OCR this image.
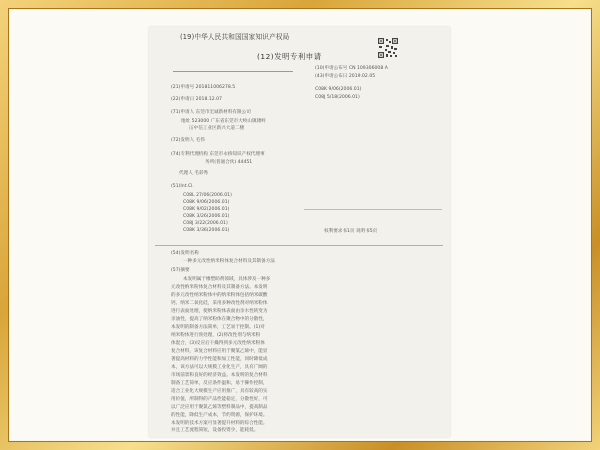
(19)中华人民共和国国家知识产权局
(12)发明专利申请
(10)申请公布号 CN 109306008 A
(43)申请公布日 2019.02.05
(21)申请号 201811006278.5
(22)申请日 2018.12.07
(71)申请人 东莞市宏诚新材料有限公司
地址 523000 广东省东莞市大岭山镇矮岭
冚中信工业区新兴大道二楼
(72)发明人 毛伟
(74)专利代理机构 东莞市永桥知识产权代理事
务所(普通合伙) 44451
代理人 毛彩秀
(51)Int.Cl.
C08L 27/06(2006.01)
C08K 9/06(2006.01)
C08K 9/02(2006.01)
C08K 3/26(2006.01)
C08J 3/22(2006.01)
C08K 3/36(2006.01)
C08K 9/06(2006.01)
C08J 5/18(2006.01)
权利要求书1页 说明书5页
(54)发明名称
一种多元改性纳米粉体复合材料及其制备方法
(57)摘要
本发明属于橡塑助剂领域，具体涉及一种多
元改性纳米粉体复合材料及其制备方法。本发明
的多元改性纳米粉体中的纳米粉体包括纳米碳酸
钙、纳米二氧化硅，采用多种改性剂对纳米粉体
进行表面处理，使纳米粉体表面由亲水性转变为
亲油性，提高了纳米粉体在聚合物中的分散性，
本发明的制备方法简单，工艺易于控制。(1)对
纳米粉体进行预处理，(2)将改性剂与纳米粉
体混合，(3)反应后干燥得到多元改性纳米粉体
复合材料，该复合材料应用于聚氯乙烯中，能显
著提高材料的力学性能和加工性能，同时降低成
本，该方法可以大规模工业化生产，具有广阔的
市场前景和良好的经济效益。本发明的复合材料
制备工艺简单，反应条件温和，易于操作控制，
适合工业化大规模生产应用推广，具有较高的实
用价值，所制得的产品性能稳定，分散性好，可
以广泛应用于聚氯乙烯等塑料制品中，提高制品
的性能，降低生产成本，节约资源，保护环境。
本发明的技术方案可显著提升材料的综合性能。
并且工艺流程简短，设备投资少，能耗低。
